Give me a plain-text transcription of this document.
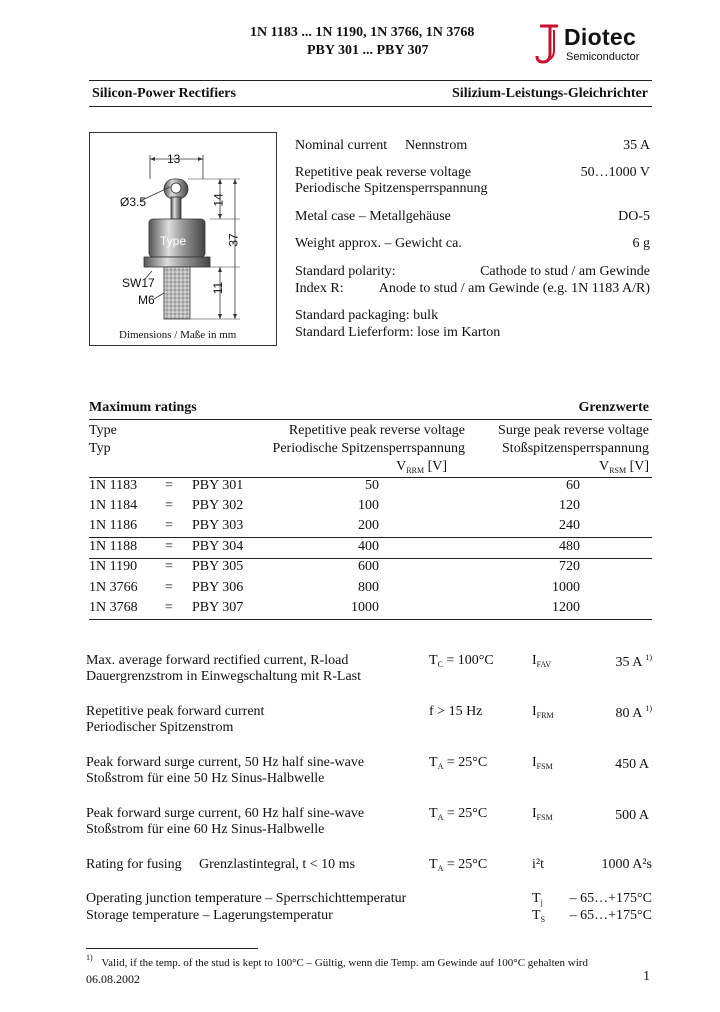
1N 1183 ... 1N 1190, 1N 3766, 1N 3768
PBY 301 ... PBY 307
Diotec
Semiconductor
Silicon-Power Rectifiers	Silizium-Leistungs-Gleichrichter
13
Ø3.5	14
37
11
Type
SW17
M6
Dimensions / Maße in mm
Nominal current Nennstrom	35 A
Repetitive peak reverse voltage
Periodische Spitzensperrspannung
50…1000 V
Metal case – Metallgehäuse	DO-5
Weight approx. – Gewicht ca.	6 g
Standard polarity:	Cathode to stud / am Gewinde
Index R:	Anode to stud / am Gewinde (e.g. 1N 1183 A/R)
Standard packaging: bulk
Standard Lieferform: lose im Karton
Maximum ratings	Grenzwerte
Type
Typ
Repetitive peak reverse voltage
Periodische Spitzensperrspannung
$V_{RRM}$ [V]
Surge peak reverse voltage
Stoßspitzensperrspannung
$V_{RSM}$ [V]
1N 1183 = PBY 301	50	60
1N 1184 = PBY 302	100	120
1N 1186 = PBY 303	200	240
1N 1188 = PBY 304	400	480
1N 1190 = PBY 305	600	720
1N 3766 = PBY 306	800	1000
1N 3768 = PBY 307	1000	1200
Max. average forward rectified current, R-load
Dauergrenzstrom in Einwegschaltung mit R-Last
$T_C = 100^\circ C$	$I_{FAV}$	35 A $^{1)}$
Repetitive peak forward current
Periodischer Spitzenstrom
f > 15 Hz	$I_{FRM}$	80 A $^{1)}$
Peak forward surge current, 50 Hz half sine-wave
Stoßstrom für eine 50 Hz Sinus-Halbwelle
$T_A = 25^\circ C$	$I_{FSM}$	450 A
Peak forward surge current, 60 Hz half sine-wave
Stoßstrom für eine 60 Hz Sinus-Halbwelle
$T_A = 25^\circ C$	$I_{FSM}$	500 A
Rating for fusing Grenzlastintegral, t < 10 ms	$T_A = 25^\circ C$	i²t	1000 A²s
Operating junction temperature – Sperrschichttemperatur	$T_j$ – 65…+175°C
Storage temperature – Lagerungstemperatur	$T_S$ – 65…+175°C
$^{1)}$ Valid, if the temp. of the stud is kept to 100°C – Gültig, wenn die Temp. am Gewinde auf 100°C gehalten wird
06.08.2002	1
